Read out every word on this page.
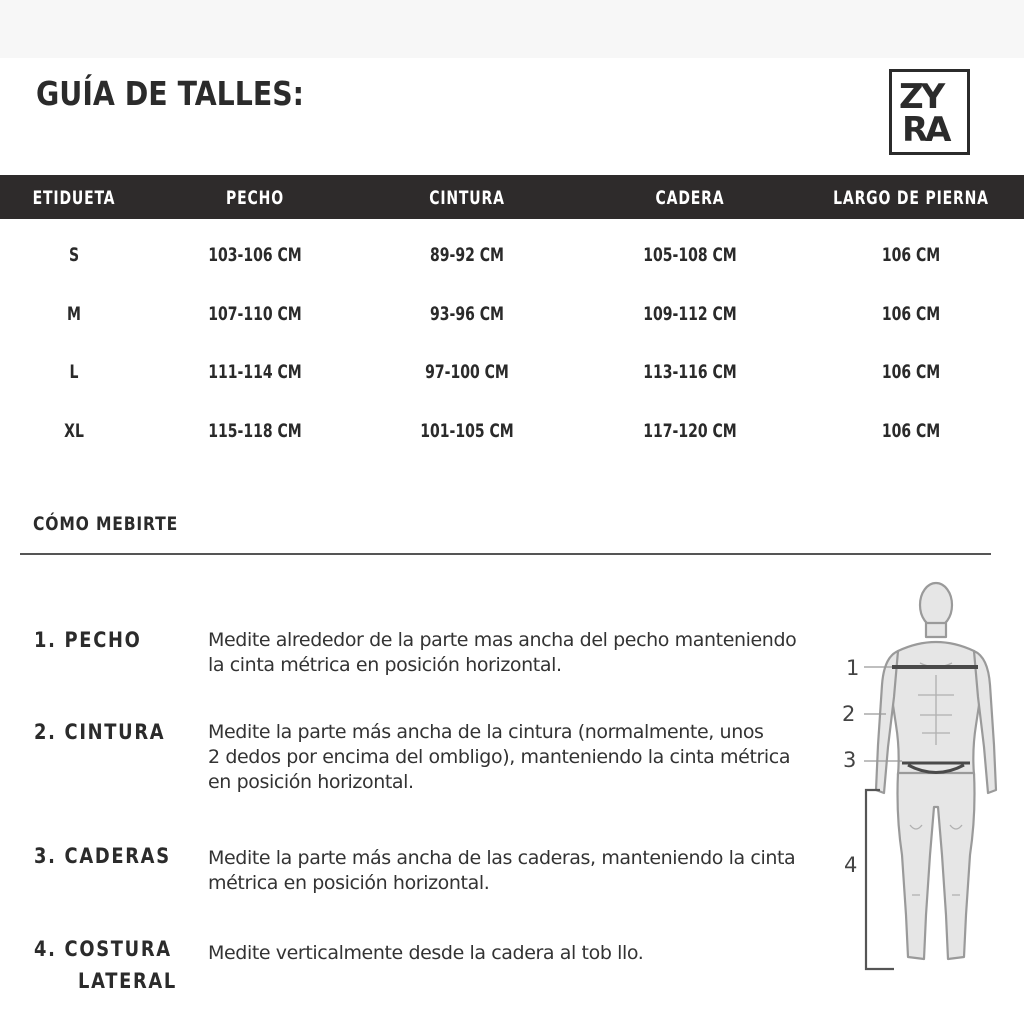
GUÍA DE TALLES:	ZY
RA
ETIDUETA	PECHO	CINTURA	CADERA	LARGO DE PIERNA
S	103-106 CM	89-92 CM	105-108 CM	106 CM
M	107-110 CM	93-96 CM	109-112 CM	106 CM
L	111-114 CM	97-100 CM	113-116 CM	106 CM
XL	115-118 CM	101-105 CM	117-120 CM	106 CM
CÓMO MEBIRTE
1. PECHO	Medite alrededor de la parte mas ancha del pecho manteniendo
la cinta métrica en posición horizontal.
2. CINTURA	Medite la parte más ancha de la cintura (normalmente, unos
2 dedos por encima del ombligo), manteniendo la cinta métrica
en posición horizontal.
3. CADERAS	Medite la parte más ancha de las caderas, manteniendo la cinta
métrica en posición horizontal.
4. COSTURA
LATERAL
Medite verticalmente desde la cadera al tob llo.
1
2
3
4
